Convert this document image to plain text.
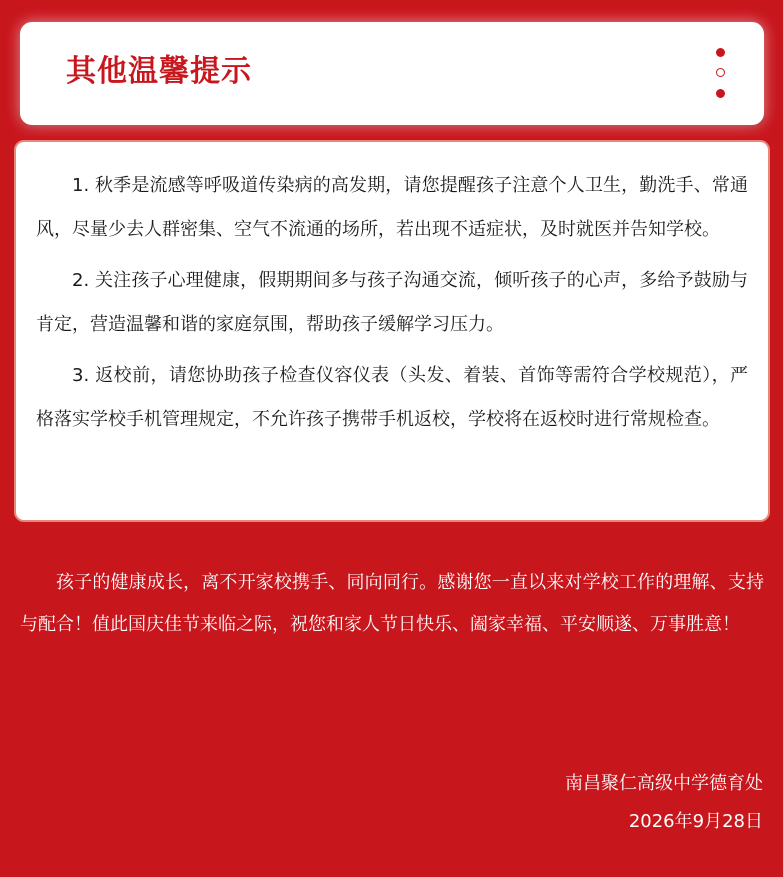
其他温馨提示

1. 秋季是流感等呼吸道传染病的高发期，请您提醒孩子注意个人卫生，勤洗手、常通风，尽量少去人群密集、空气不流通的场所，若出现不适症状，及时就医并告知学校。

2. 关注孩子心理健康，假期期间多与孩子沟通交流，倾听孩子的心声，多给予鼓励与肯定，营造温馨和谐的家庭氛围，帮助孩子缓解学习压力。

3. 返校前，请您协助孩子检查仪容仪表（头发、着装、首饰等需符合学校规范），严格落实学校手机管理规定，不允许孩子携带手机返校，学校将在返校时进行常规检查。

孩子的健康成长，离不开家校携手、同向同行。感谢您一直以来对学校工作的理解、支持与配合！值此国庆佳节来临之际，祝您和家人节日快乐、阖家幸福、平安顺遂、万事胜意！

南昌聚仁高级中学德育处
2026年9月28日
